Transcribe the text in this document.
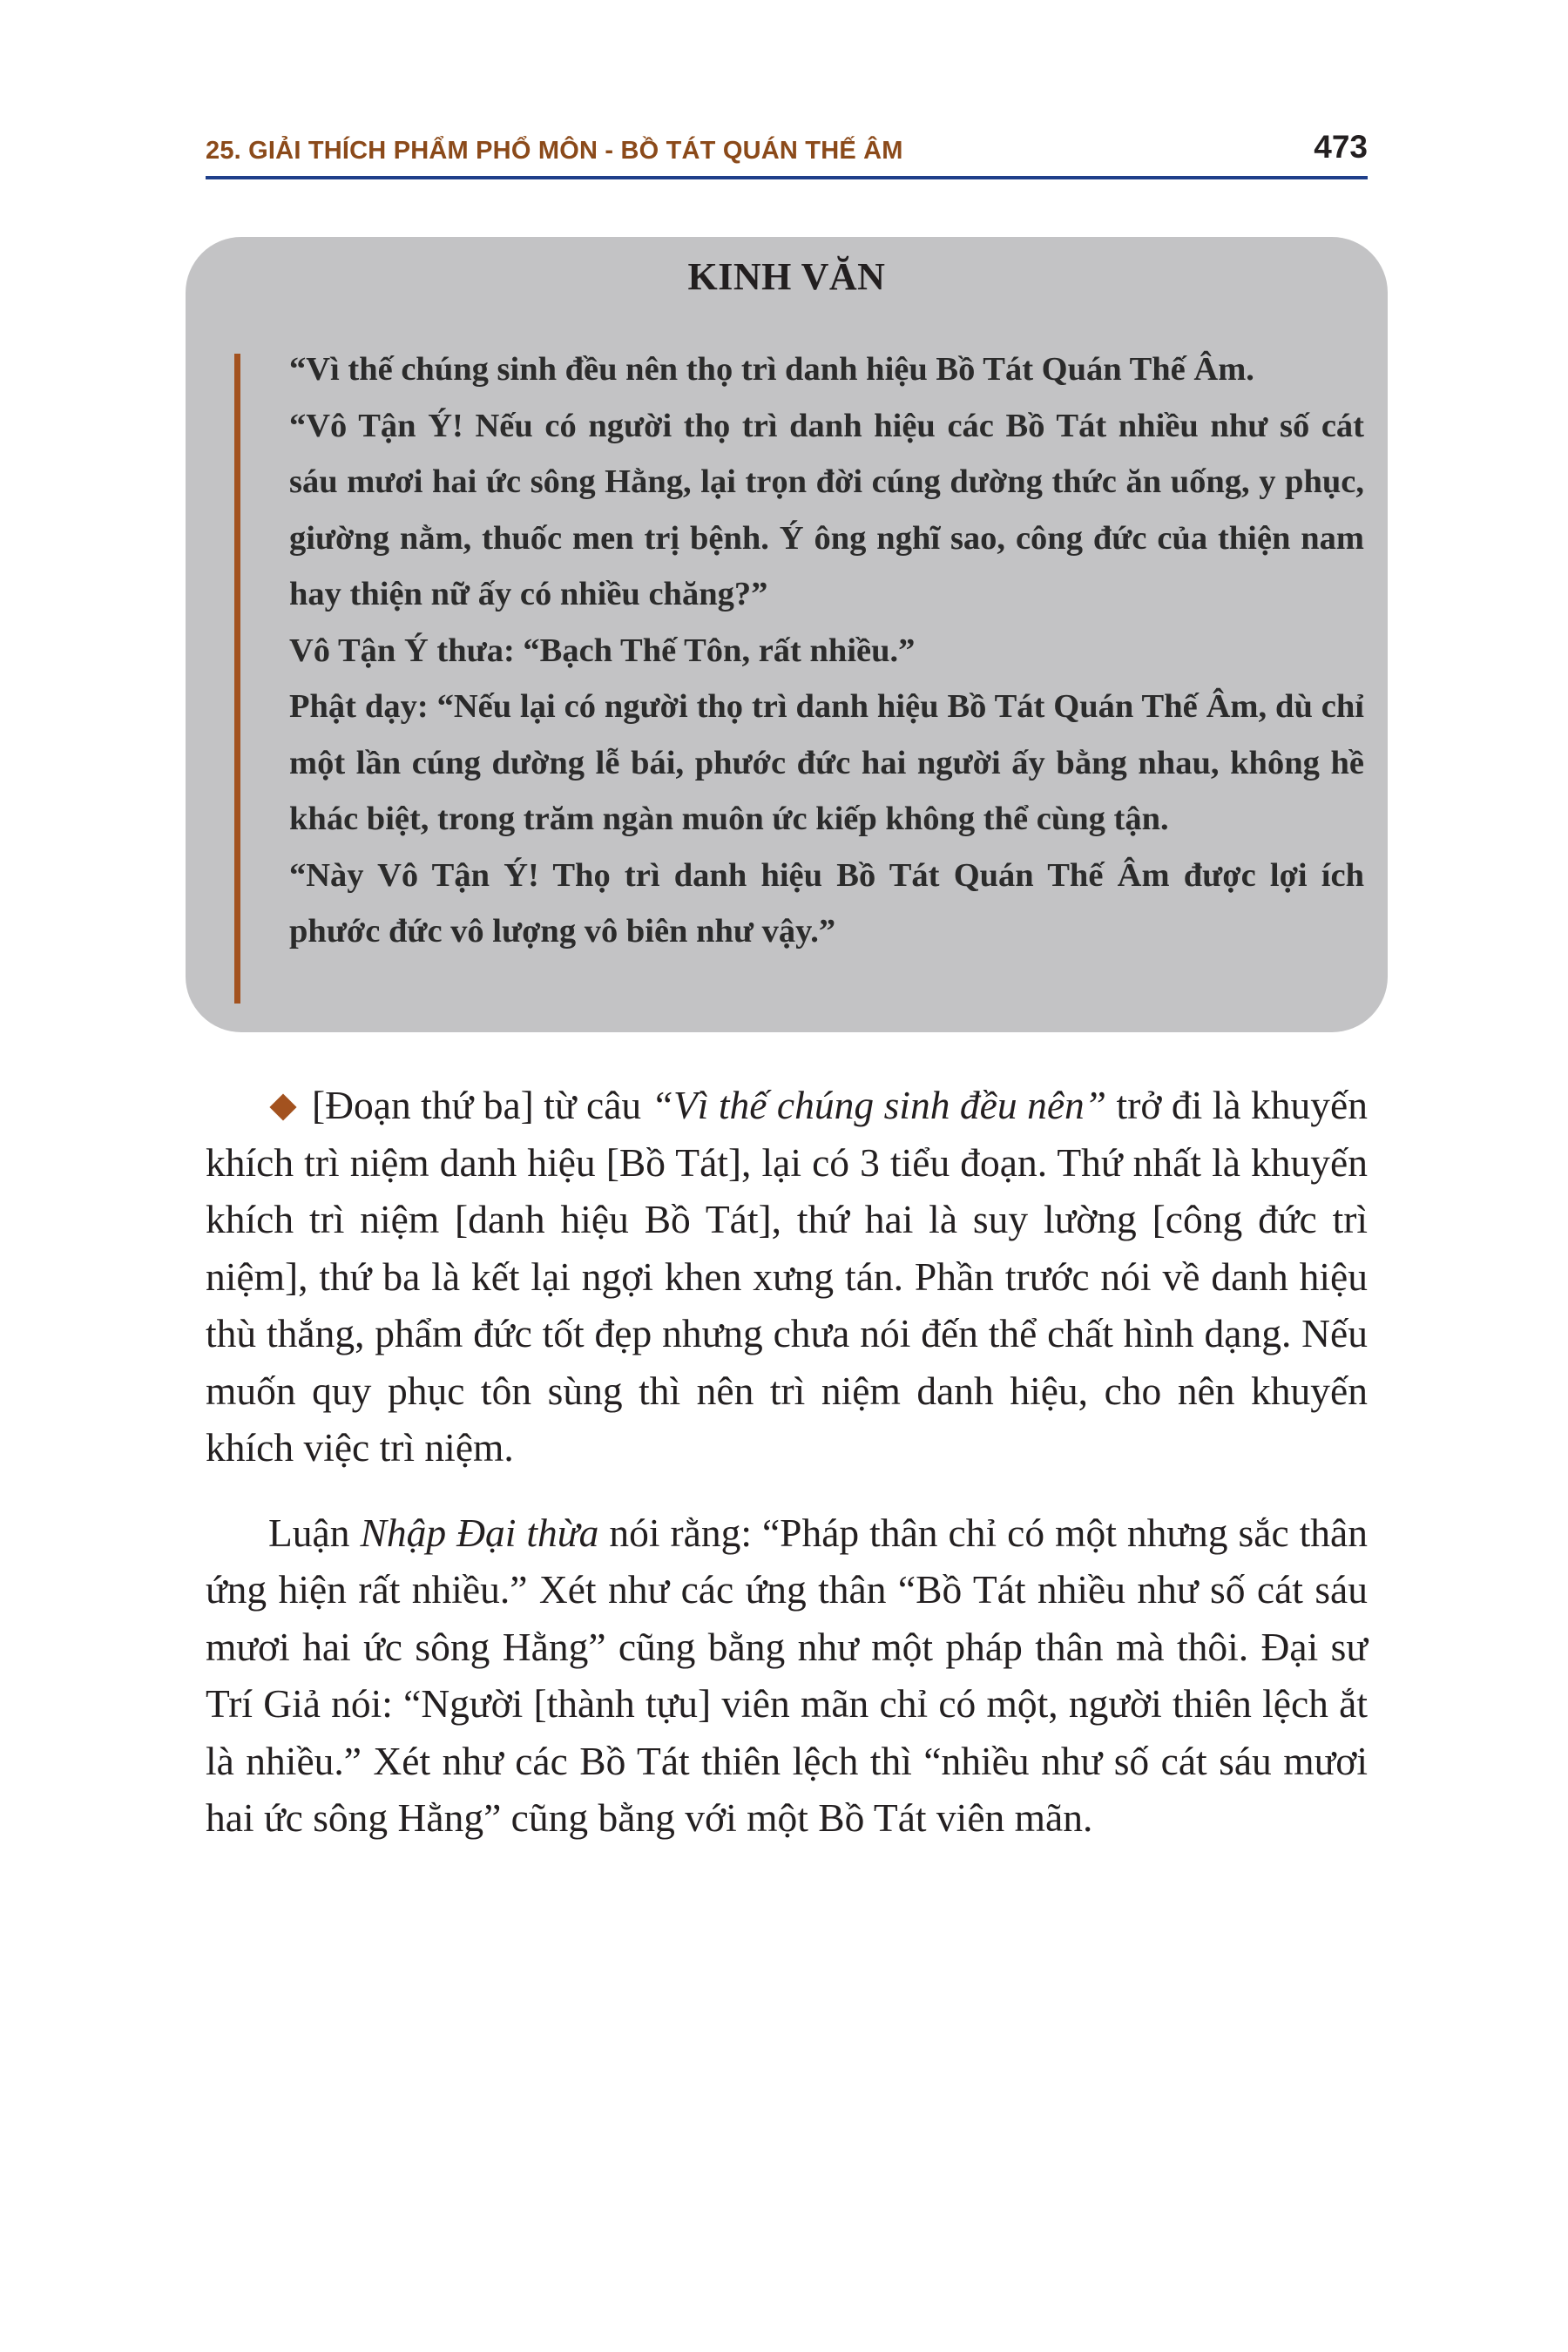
25. GIẢI THÍCH PHẨM PHỔ MÔN - BỒ TÁT QUÁN THẾ ÂM	473
KINH VĂN

“Vì thế chúng sinh đều nên thọ trì danh hiệu Bồ Tát Quán Thế Âm.

“Vô Tận Ý! Nếu có người thọ trì danh hiệu các Bồ Tát nhiều như số cát sáu mươi hai ức sông Hằng, lại trọn đời cúng dường thức ăn uống, y phục, giường nằm, thuốc men trị bệnh. Ý ông nghĩ sao, công đức của thiện nam hay thiện nữ ấy có nhiều chăng?”

Vô Tận Ý thưa: “Bạch Thế Tôn, rất nhiều.”

Phật dạy: “Nếu lại có người thọ trì danh hiệu Bồ Tát Quán Thế Âm, dù chỉ một lần cúng dường lễ bái, phước đức hai người ấy bằng nhau, không hề khác biệt, trong trăm ngàn muôn ức kiếp không thể cùng tận.

“Này Vô Tận Ý! Thọ trì danh hiệu Bồ Tát Quán Thế Âm được lợi ích phước đức vô lượng vô biên như vậy.”

[Đoạn thứ ba] từ câu “Vì thế chúng sinh đều nên” trở đi là khuyến khích trì niệm danh hiệu [Bồ Tát], lại có 3 tiểu đoạn. Thứ nhất là khuyến khích trì niệm [danh hiệu Bồ Tát], thứ hai là suy lường [công đức trì niệm], thứ ba là kết lại ngợi khen xưng tán. Phần trước nói về danh hiệu thù thắng, phẩm đức tốt đẹp nhưng chưa nói đến thể chất hình dạng. Nếu muốn quy phục tôn sùng thì nên trì niệm danh hiệu, cho nên khuyến khích việc trì niệm.

Luận Nhập Đại thừa nói rằng: “Pháp thân chỉ có một nhưng sắc thân ứng hiện rất nhiều.” Xét như các ứng thân “Bồ Tát nhiều như số cát sáu mươi hai ức sông Hằng” cũng bằng như một pháp thân mà thôi. Đại sư Trí Giả nói: “Người [thành tựu] viên mãn chỉ có một, người thiên lệch ắt là nhiều.” Xét như các Bồ Tát thiên lệch thì “nhiều như số cát sáu mươi hai ức sông Hằng” cũng bằng với một Bồ Tát viên mãn.
